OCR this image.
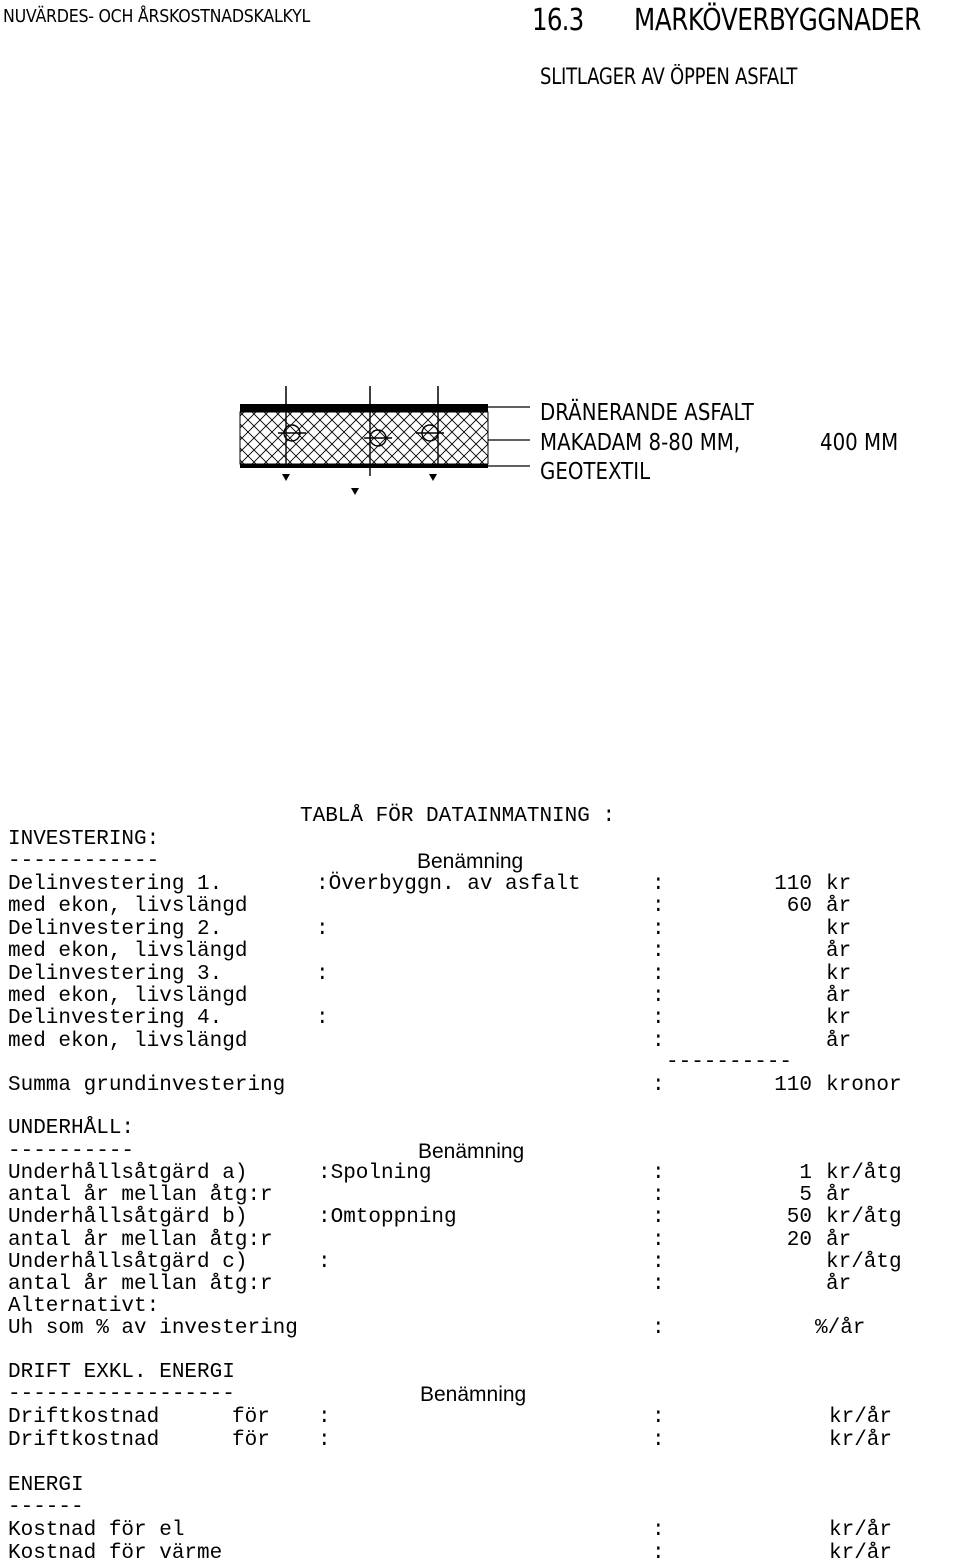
NUVÄRDES- OCH ÅRSKOSTNADSKALKYL	16.3 MARKÖVERBYGGNADER
SLITLAGER AV ÖPPEN ASFALT
DRÄNERANDE ASFALT
MAKADAM 8-80 MM,	400 MM
GEOTEXTIL
TABLÅ FÖR DATAINMATNING :
INVESTERING:
------------	Benämning
Delinvestering 1.	:Överbyggn. av asfalt	:	110 kr
med ekon, livslängd	:	60 år
Delinvestering 2.	:	:	kr
med ekon, livslängd	:	år
Delinvestering 3.	:	:	kr
med ekon, livslängd	:	år
Delinvestering 4.	:	:	kr
med ekon, livslängd	:	år
----------
Summa grundinvestering	:	110 kronor
UNDERHÅLL:
----------	Benämning
Underhållsåtgärd a)	:Spolning	:	1 kr/åtg
antal år mellan åtg:r	:	5 år
Underhållsåtgärd b)	:Omtoppning	:	50 kr/åtg
antal år mellan åtg:r	:	20 år
Underhållsåtgärd c)	:	:	kr/åtg
antal år mellan åtg:r	:	år
Alternativt:
Uh som % av investering	:	%/år
DRIFT EXKL. ENERGI
------------------	Benämning
Driftkostnad	för :	:	kr/år
Driftkostnad	för :	:	kr/år
ENERGI
------
Kostnad för el	:	kr/år
Kostnad för värme	:	kr/år
